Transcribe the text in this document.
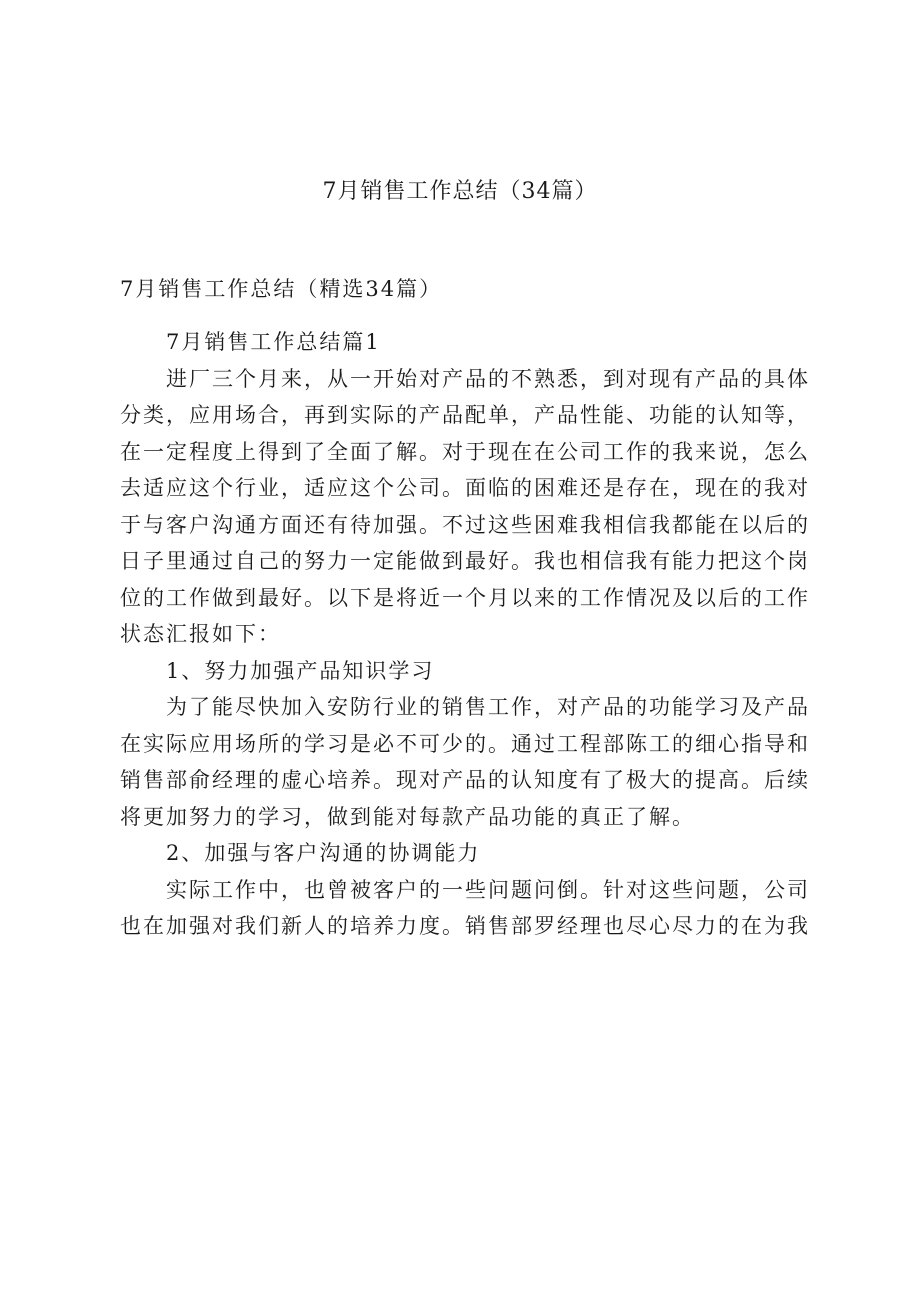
7月销售工作总结（34篇）

7月销售工作总结（精选34篇）

7月销售工作总结篇1

进厂三个月来，从一开始对产品的不熟悉，到对现有产品的具体
分类，应用场合，再到实际的产品配单，产品性能、功能的认知等，
在一定程度上得到了全面了解。对于现在在公司工作的我来说，怎么
去适应这个行业，适应这个公司。面临的困难还是存在，现在的我对
于与客户沟通方面还有待加强。不过这些困难我相信我都能在以后的
日子里通过自己的努力一定能做到最好。我也相信我有能力把这个岗
位的工作做到最好。以下是将近一个月以来的工作情况及以后的工作
状态汇报如下：

1、努力加强产品知识学习

为了能尽快加入安防行业的销售工作，对产品的功能学习及产品
在实际应用场所的学习是必不可少的。通过工程部陈工的细心指导和
销售部俞经理的虚心培养。现对产品的认知度有了极大的提高。后续
将更加努力的学习，做到能对每款产品功能的真正了解。

2、加强与客户沟通的协调能力

实际工作中，也曾被客户的一些问题问倒。针对这些问题，公司
也在加强对我们新人的培养力度。销售部罗经理也尽心尽力的在为我
